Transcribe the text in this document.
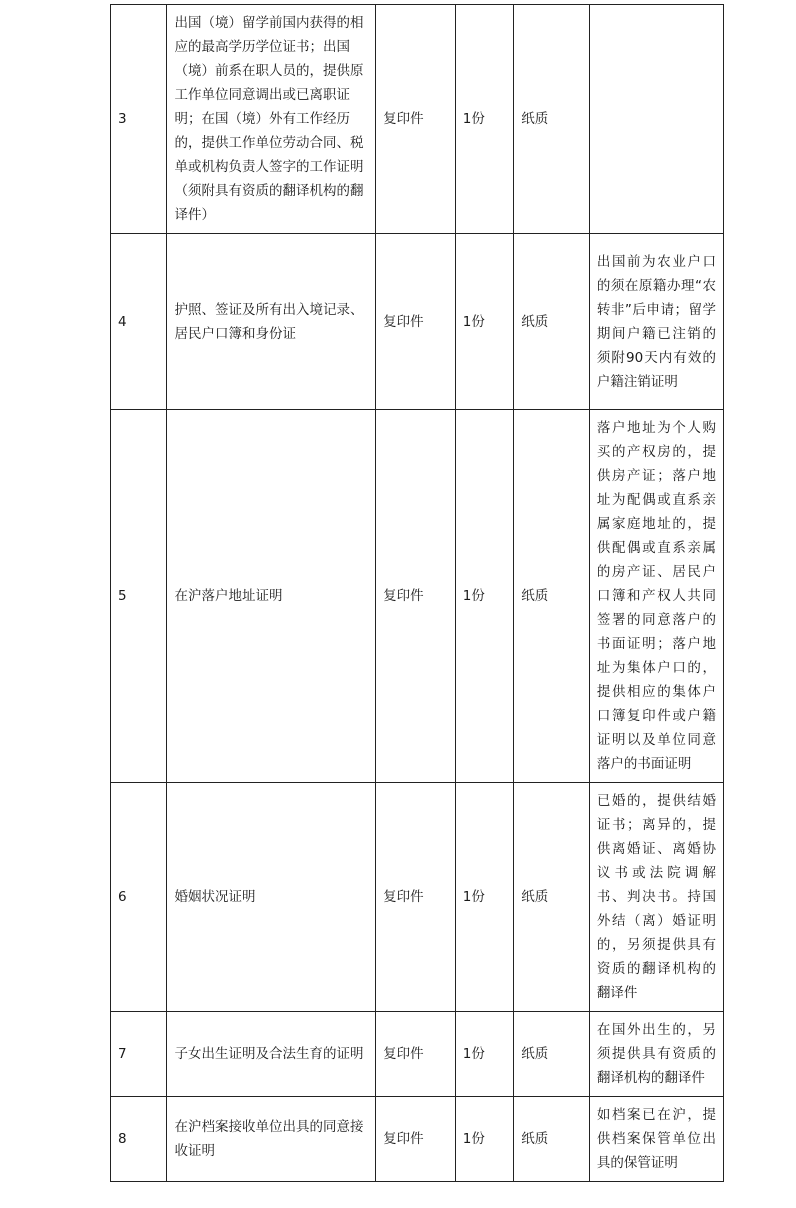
3	出国（境）留学前国内获得的相应的最高学历学位证书；出国（境）前系在职人员的，提供原工作单位同意调出或已离职证明；在国（境）外有工作经历的，提供工作单位劳动合同、税单或机构负责人签字的工作证明（须附具有资质的翻译机构的翻译件）	复印件	1份	纸质	
4	护照、签证及所有出入境记录、居民户口簿和身份证	复印件	1份	纸质	出国前为农业户口的须在原籍办理“农转非”后申请；留学期间户籍已注销的须附90天内有效的户籍注销证明
5	在沪落户地址证明	复印件	1份	纸质	落户地址为个人购买的产权房的，提供房产证；落户地址为配偶或直系亲属家庭地址的，提供配偶或直系亲属的房产证、居民户口簿和产权人共同签署的同意落户的书面证明；落户地址为集体户口的，提供相应的集体户口簿复印件或户籍证明以及单位同意落户的书面证明
6	婚姻状况证明	复印件	1份	纸质	已婚的，提供结婚证书；离异的，提供离婚证、离婚协议书或法院调解书、判决书。持国外结（离）婚证明的，另须提供具有资质的翻译机构的翻译件
7	子女出生证明及合法生育的证明	复印件	1份	纸质	在国外出生的，另须提供具有资质的翻译机构的翻译件
8	在沪档案接收单位出具的同意接收证明	复印件	1份	纸质	如档案已在沪，提供档案保管单位出具的保管证明
